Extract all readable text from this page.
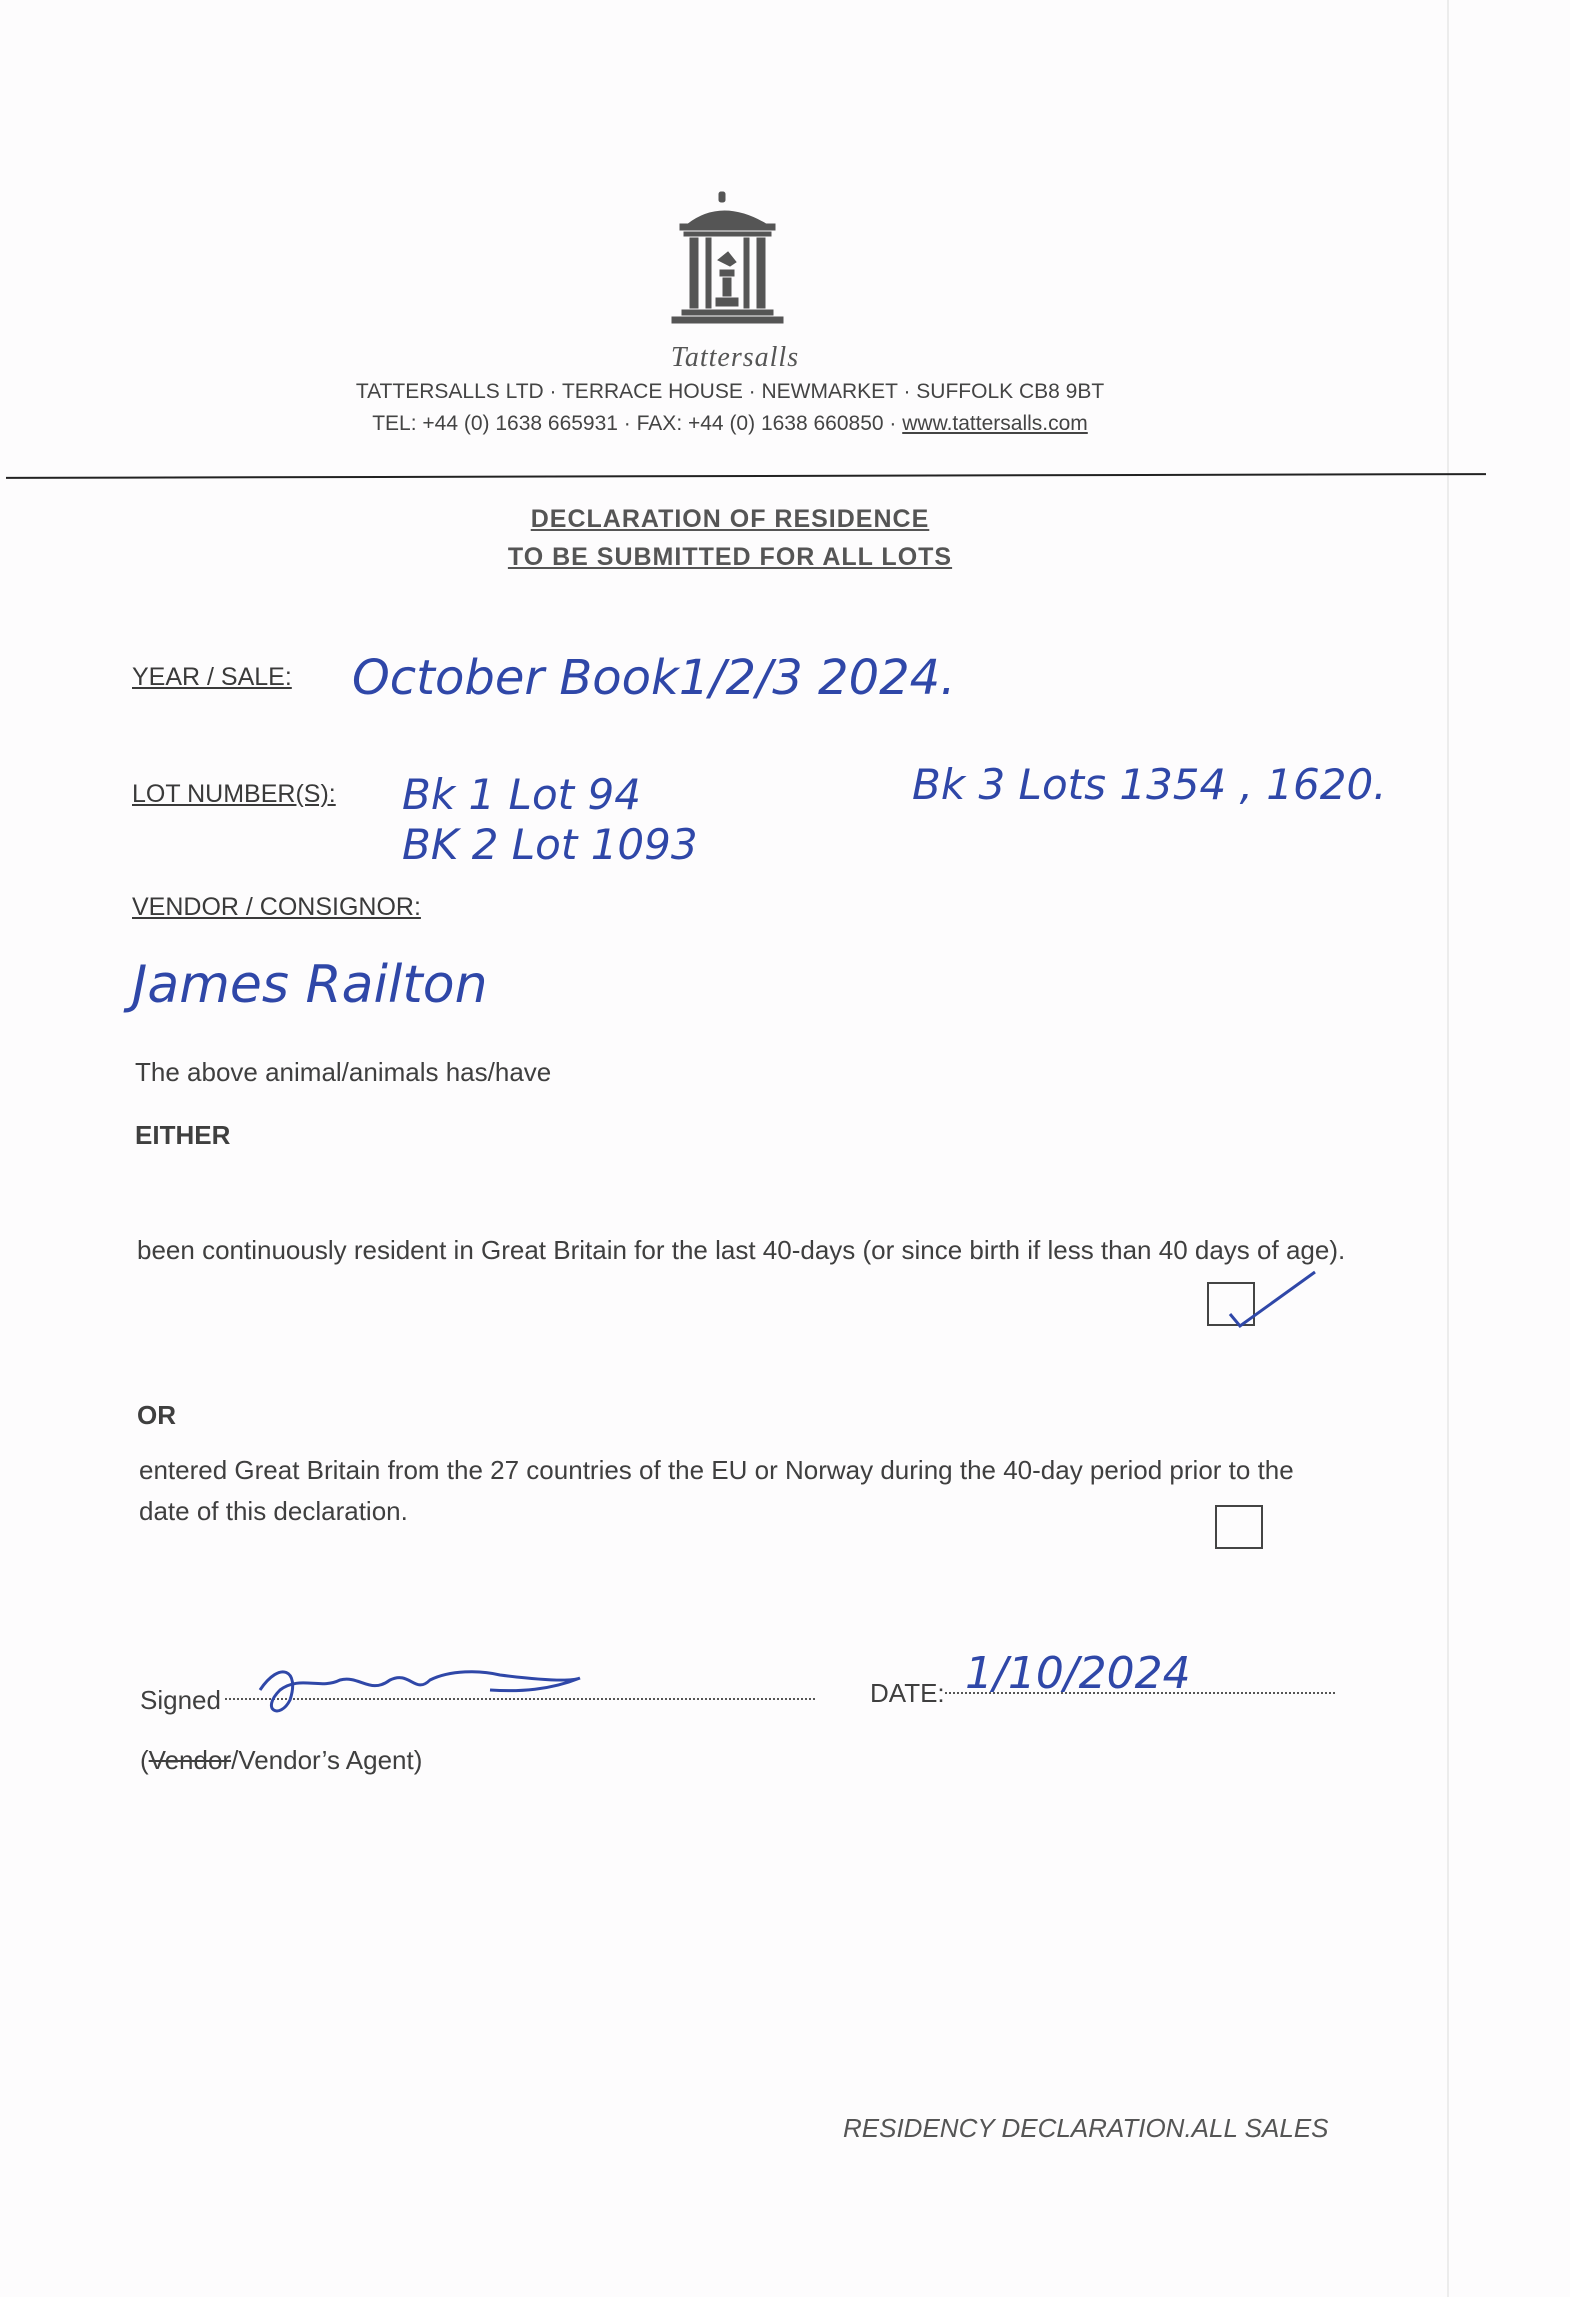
Tattersalls
TATTERSALLS LTD · TERRACE HOUSE · NEWMARKET · SUFFOLK CB8 9BT
TEL: +44 (0) 1638 665931 · FAX: +44 (0) 1638 660850 · www.tattersalls.com
DECLARATION OF RESIDENCE
TO BE SUBMITTED FOR ALL LOTS
YEAR / SALE: October Book1/2/3 2024.
LOT NUMBER(S): Bk 1 Lot 94
BK 2 Lot 1093
Bk 3 Lots 1354 , 1620.
VENDOR / CONSIGNOR:
James Railton
The above animal/animals has/have
EITHER
been continuously resident in Great Britain for the last 40-days (or since birth if less than 40 days of age).
OR
entered Great Britain from the 27 countries of the EU or Norway during the 40-day period prior to the date of this declaration.
Signed	DATE: 1/10/2024
(Vendor/Vendor’s Agent)
RESIDENCY DECLARATION.ALL SALES
